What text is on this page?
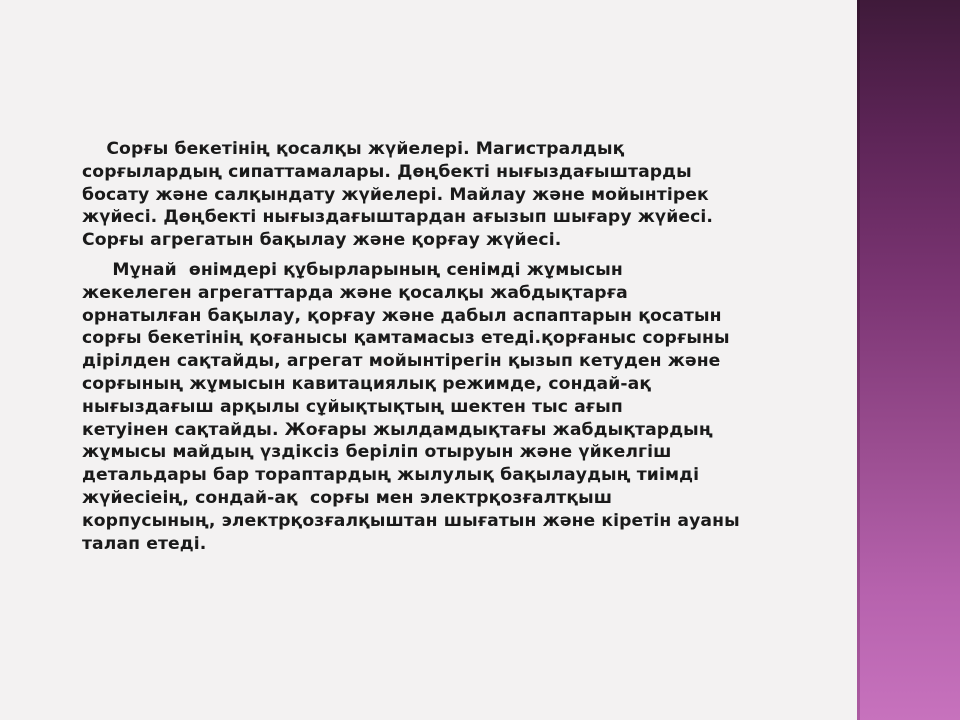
Сорғы бекетінің қосалқы жүйелері. Магистралдық
сорғылардың сипаттамалары. Дөңбекті нығыздағыштарды
босату және салқындату жүйелері. Майлау және мойынтірек
жүйесі. Дөңбекті нығыздағыштардан ағызып шығару жүйесі.
Сорғы агрегатын бақылау және қорғау жүйесі.
Мұнай  өнімдері құбырларының сенімді жұмысын
жекелеген агрегаттарда және қосалқы жабдықтарға
орнатылған бақылау, қорғау және дабыл аспаптарын қосатын
сорғы бекетінің қоғанысы қамтамасыз етеді.қорғаныс сорғыны
дірілден сақтайды, агрегат мойынтірегін қызып кетуден және
сорғының жұмысын кавитациялық режимде, сондай-ақ
нығыздағыш арқылы сұйықтықтың шектен тыс ағып
кетуінен сақтайды. Жоғары жылдамдықтағы жабдықтардың
жұмысы майдың үздіксіз беріліп отыруын және үйкелгіш
детальдары бар тораптардың жылулық бақылаудың тиімді
жүйесіеің, сондай-ақ  сорғы мен электрқозғалтқыш
корпусының, электрқозғалқыштан шығатын және кіретін ауаны
талап етеді.
